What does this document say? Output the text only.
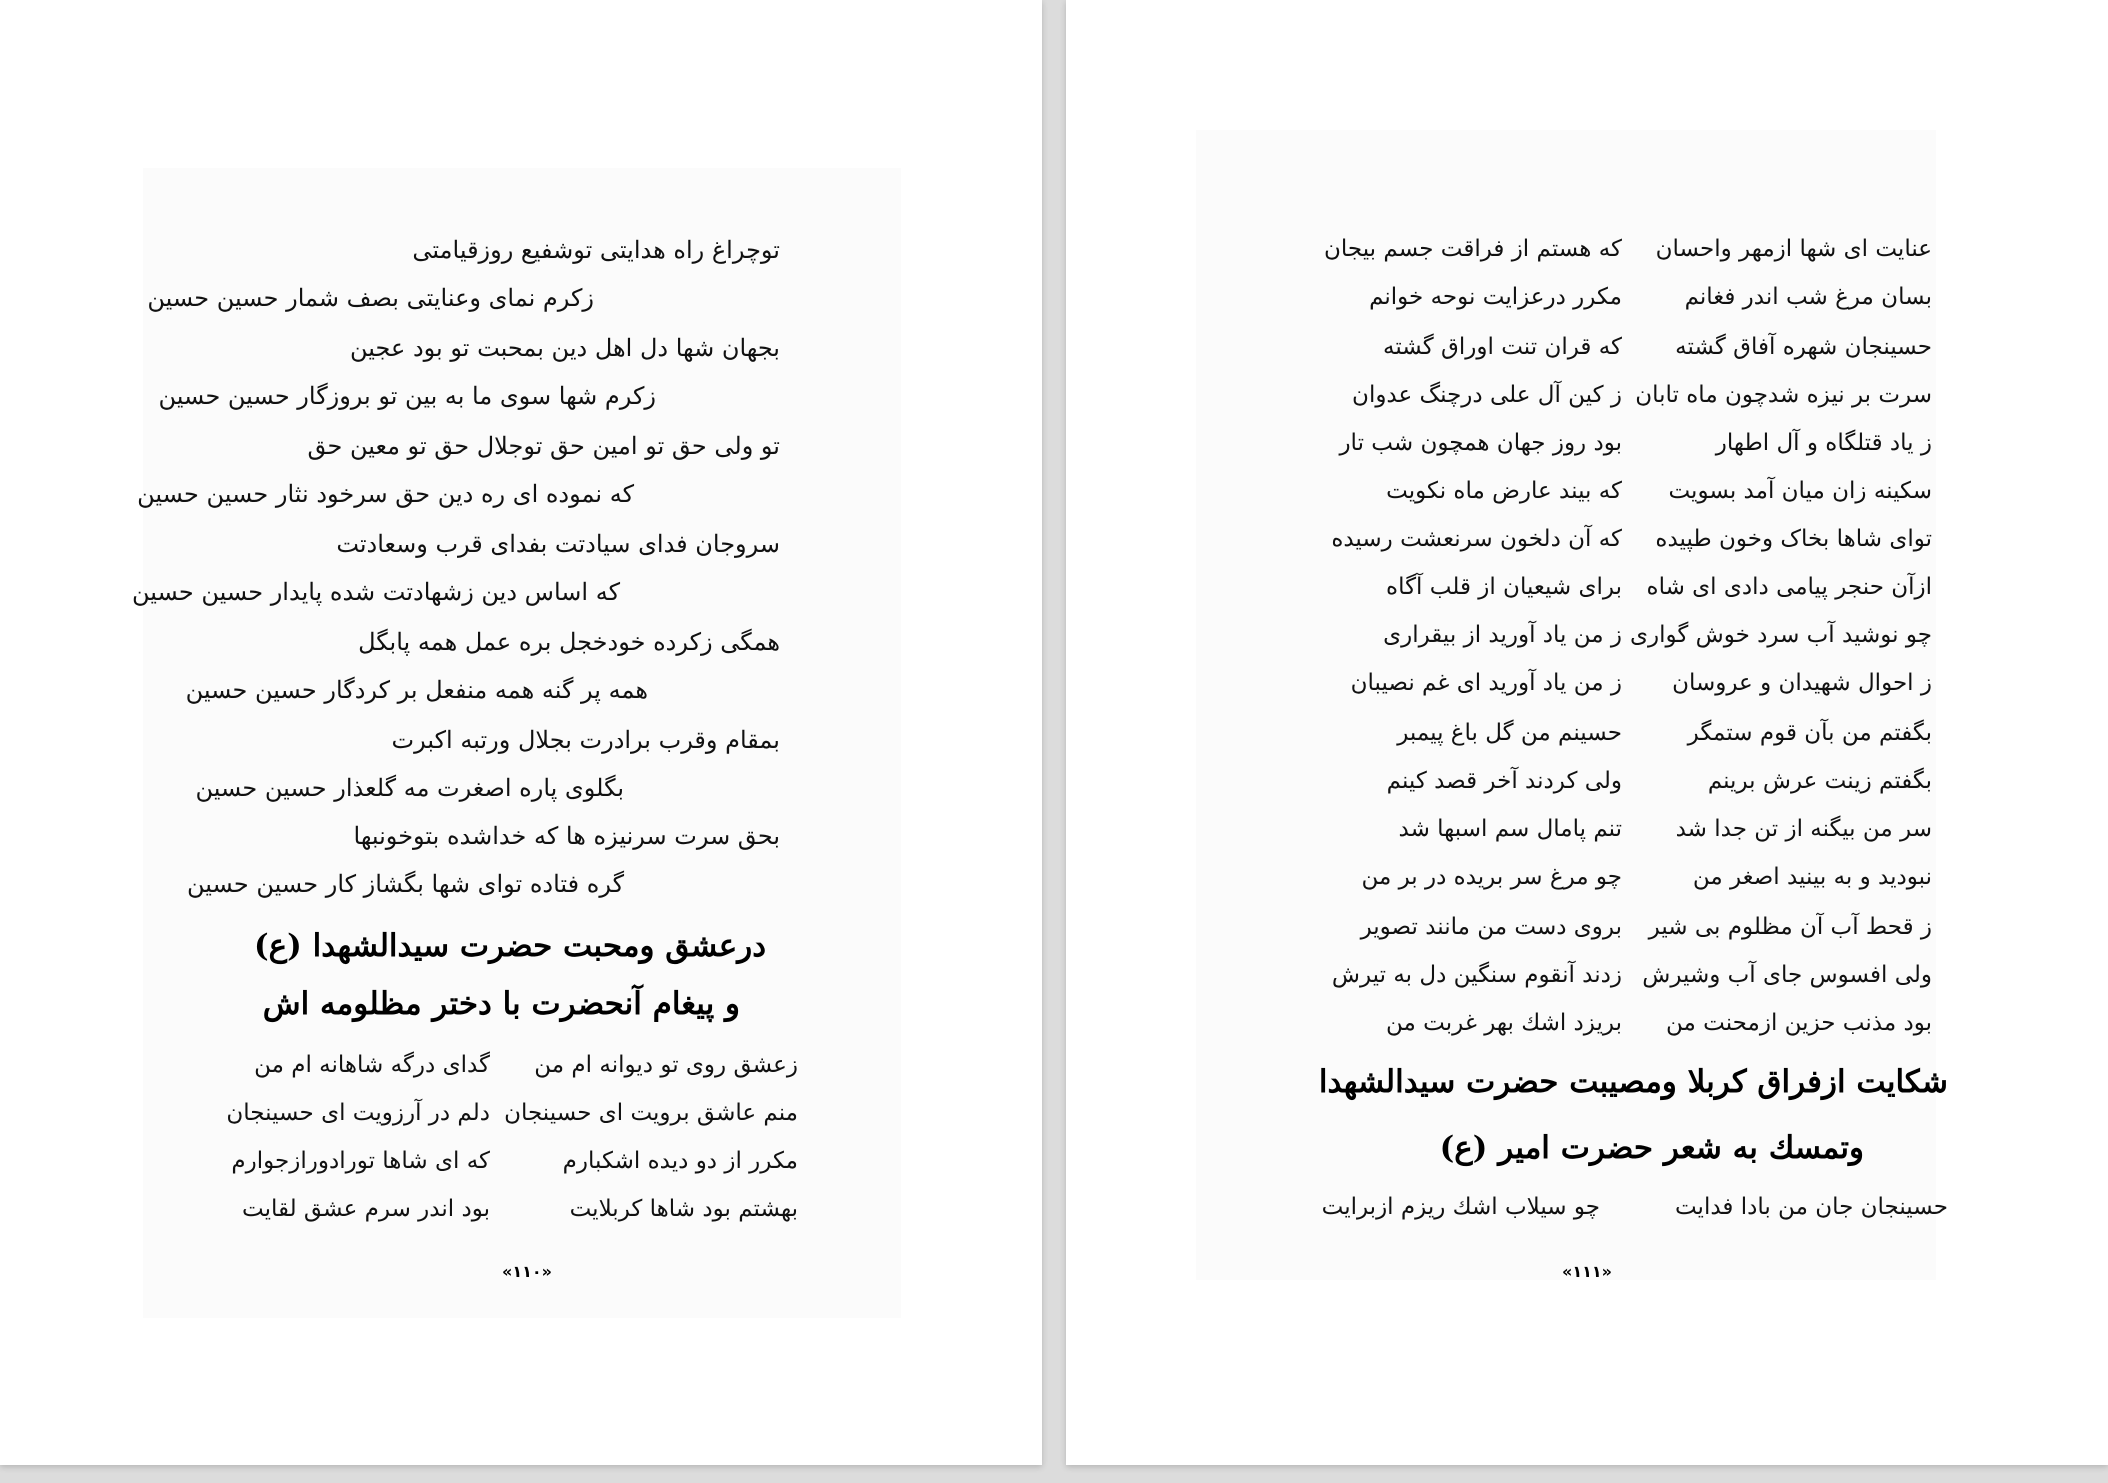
توچراغ راه هدایتی توشفیع روزقیامتی
زکرم نمای وعنایتی بصف شمار حسین حسین
بجهان شها دل اهل دین بمحبت تو بود عجین
زکرم شها سوی ما به بین تو بروزگار حسین حسین
تو ولی حق تو امین حق توجلال حق تو معین حق
که نموده ای ره دین حق سرخود نثار حسین حسین
سروجان فدای سیادتت بفدای قرب وسعادتت
که اساس دین زشهادتت شده پایدار حسین حسین
همگی زکرده خودخجل بره عمل همه پابگل
همه پر گنه همه منفعل بر کردگار حسین حسین
بمقام وقرب برادرت بجلال ورتبه اکبرت
بگلوی پاره اصغرت مه گلعذار حسین حسین
بحق سرت سرنیزه ها که خداشده بتوخونبها
گره فتاده توای شها بگشاز کار حسین حسین
درعشق ومحبت حضرت سیدالشهدا (ع)
و پیغام آنحضرت با دختر مظلومه اش
زعشق روی تو دیوانه ام من
گدای درگه شاهانه ام من
منم عاشق برویت ای حسینجان
دلم در آرزویت ای حسینجان
مکرر از دو دیده اشکبارم
که ای شاها تورادورازجوارم
بهشتم بود شاها کربلایت
بود اندر سرم عشق لقایت
«۱۱۰»
عنایت ای شها ازمهر واحسان
که هستم از فراقت جسم بیجان
بسان مرغ شب اندر فغانم
مکرر درعزایت نوحه خوانم
حسینجان شهره آفاق گشته
که قران تنت اوراق گشته
سرت بر نیزه شدچون ماه تابان
ز کین آل علی درچنگ عدوان
ز یاد قتلگاه و آل اطهار
بود روز جهان همچون شب تار
سکینه زان میان آمد بسویت
که بیند عارض ماه نکویت
توای شاها بخاک وخون طپیده
که آن دلخون سرنعشت رسیده
ازآن حنجر پیامی دادی ای شاه
برای شیعیان از قلب آگاه
چو نوشید آب سرد خوش گواری
ز من یاد آورید از بیقراری
ز احوال شهیدان و عروسان
ز من یاد آورید ای غم نصیبان
بگفتم من بآن قوم ستمگر
حسینم من گل باغ پیمبر
بگفتم زینت عرش برینم
ولی کردند آخر قصد کینم
سر من بیگنه از تن جدا شد
تنم پامال سم اسبها شد
نبودید و به بینید اصغر من
چو مرغ سر بریده در بر من
ز قحط آب آن مظلوم بی شیر
بروی دست من مانند تصویر
ولی افسوس جای آب وشیرش
زدند آنقوم سنگین دل به تیرش
بود مذنب حزین ازمحنت من
بریزد اشك بهر غربت من
شکایت ازفراق کربلا ومصیبت حضرت سیدالشهدا
وتمسك به شعر حضرت امیر (ع)
حسینجان جان من بادا فدایت
چو سیلاب اشك ریزم ازبرایت
«۱۱۱»
